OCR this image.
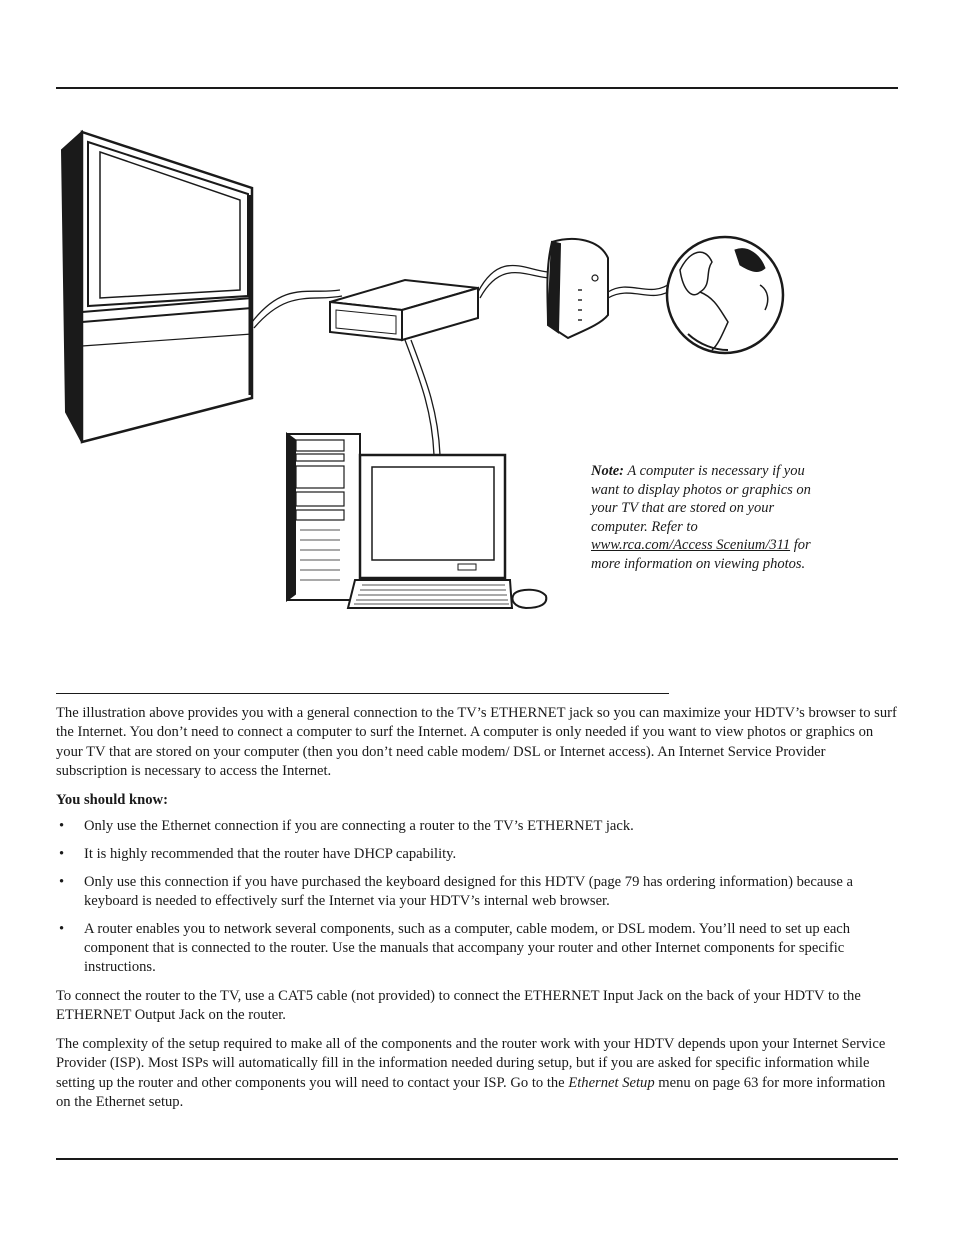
Note: A computer is necessary if you want to display photos or graphics on your TV that are stored on your computer. Refer to www.rca.com/Access Scenium/311 for more information on viewing photos.

The illustration above provides you with a general connection to the TV’s ETHERNET jack so you can maximize your HDTV’s browser to surf the Internet. You don’t need to connect a computer to surf the Internet. A computer is only needed if you want to view photos or graphics on your TV that are stored on your computer (then you don’t need cable modem/ DSL or Internet access). An Internet Service Provider subscription is necessary to access the Internet.

You should know:

• Only use the Ethernet connection if you are connecting a router to the TV’s ETHERNET jack.
• It is highly recommended that the router have DHCP capability.
• Only use this connection if you have purchased the keyboard designed for this HDTV (page 79 has ordering information) because a keyboard is needed to effectively surf the Internet via your HDTV’s internal web browser.
• A router enables you to network several components, such as a computer, cable modem, or DSL modem. You’ll need to set up each component that is connected to the router. Use the manuals that accompany your router and other Internet components for specific instructions.

To connect the router to the TV, use a CAT5 cable (not provided) to connect the ETHERNET Input Jack on the back of your HDTV to the ETHERNET Output Jack on the router.

The complexity of the setup required to make all of the components and the router work with your HDTV depends upon your Internet Service Provider (ISP). Most ISPs will automatically fill in the information needed during setup, but if you are asked for specific information while setting up the router and other components you will need to contact your ISP. Go to the Ethernet Setup menu on page 63 for more information on the Ethernet setup.
